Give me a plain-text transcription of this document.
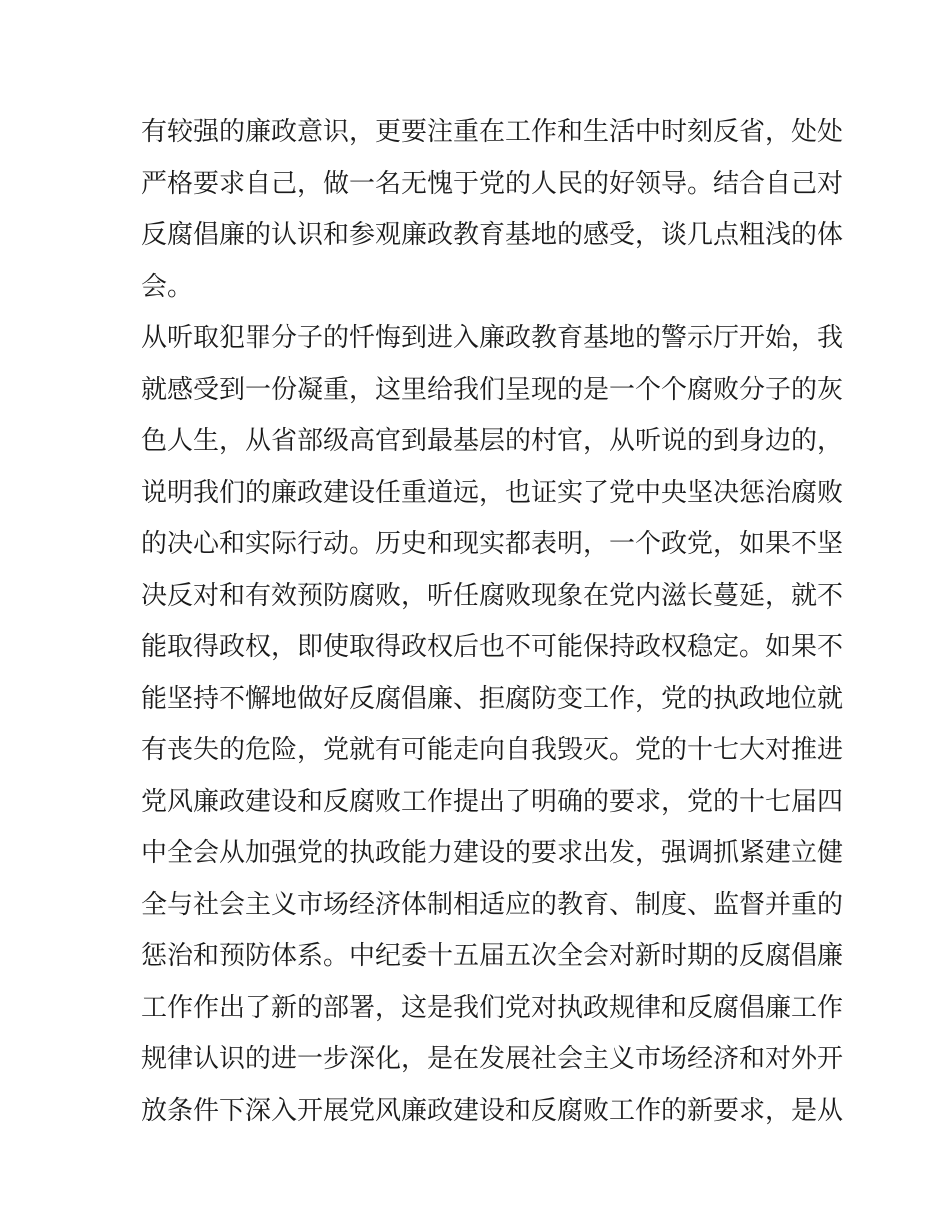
有较强的廉政意识，更要注重在工作和生活中时刻反省，处处
严格要求自己，做一名无愧于党的人民的好领导。结合自己对
反腐倡廉的认识和参观廉政教育基地的感受，谈几点粗浅的体
会。
从听取犯罪分子的忏悔到进入廉政教育基地的警示厅开始，我
就感受到一份凝重，这里给我们呈现的是一个个腐败分子的灰
色人生，从省部级高官到最基层的村官，从听说的到身边的，
说明我们的廉政建设任重道远，也证实了党中央坚决惩治腐败
的决心和实际行动。历史和现实都表明，一个政党，如果不坚
决反对和有效预防腐败，听任腐败现象在党内滋长蔓延，就不
能取得政权，即使取得政权后也不可能保持政权稳定。如果不
能坚持不懈地做好反腐倡廉、拒腐防变工作，党的执政地位就
有丧失的危险，党就有可能走向自我毁灭。党的十七大对推进
党风廉政建设和反腐败工作提出了明确的要求，党的十七届四
中全会从加强党的执政能力建设的要求出发，强调抓紧建立健
全与社会主义市场经济体制相适应的教育、制度、监督并重的
惩治和预防体系。中纪委十五届五次全会对新时期的反腐倡廉
工作作出了新的部署，这是我们党对执政规律和反腐倡廉工作
规律认识的进一步深化，是在发展社会主义市场经济和对外开
放条件下深入开展党风廉政建设和反腐败工作的新要求，是从
